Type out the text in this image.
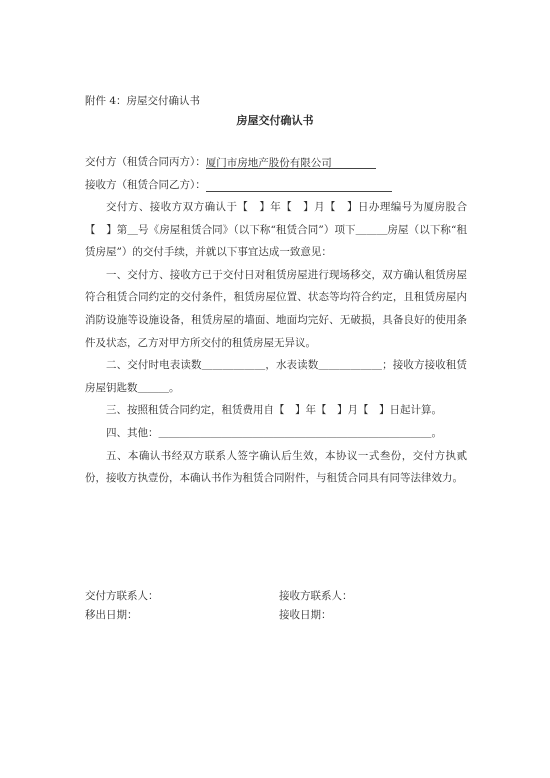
附件 4：房屋交付确认书
房屋交付确认书
交付方（租赁合同丙方）：厦门市房地产股份有限公司
接收方（租赁合同乙方）：

交付方、接收方双方确认于【　】年【　】月【　】日办理编号为厦房股合【　】第＿号《房屋租赁合同》（以下称“租赁合同”）项下＿＿＿房屋（以下称“租赁房屋”）的交付手续，并就以下事宜达成一致意见：

一、交付方、接收方已于交付日对租赁房屋进行现场移交，双方确认租赁房屋符合租赁合同约定的交付条件，租赁房屋位置、状态等均符合约定，且租赁房屋内消防设施等设施设备，租赁房屋的墙面、地面均完好、无破损，具备良好的使用条件及状态，乙方对甲方所交付的租赁房屋无异议。

二、交付时电表读数＿＿＿＿＿＿，水表读数＿＿＿＿＿＿；接收方接收租赁房屋钥匙数＿＿＿。

三、按照租赁合同约定，租赁费用自【　】年【　】月【　】日起计算。

四、其他：＿＿＿＿＿＿＿＿＿＿＿＿＿＿＿＿＿＿＿＿＿＿＿＿＿＿。

五、本确认书经双方联系人签字确认后生效，本协议一式叁份，交付方执贰份，接收方执壹份，本确认书作为租赁合同附件，与租赁合同具有同等法律效力。

交付方联系人：
移出日期：
接收方联系人：
接收日期：
